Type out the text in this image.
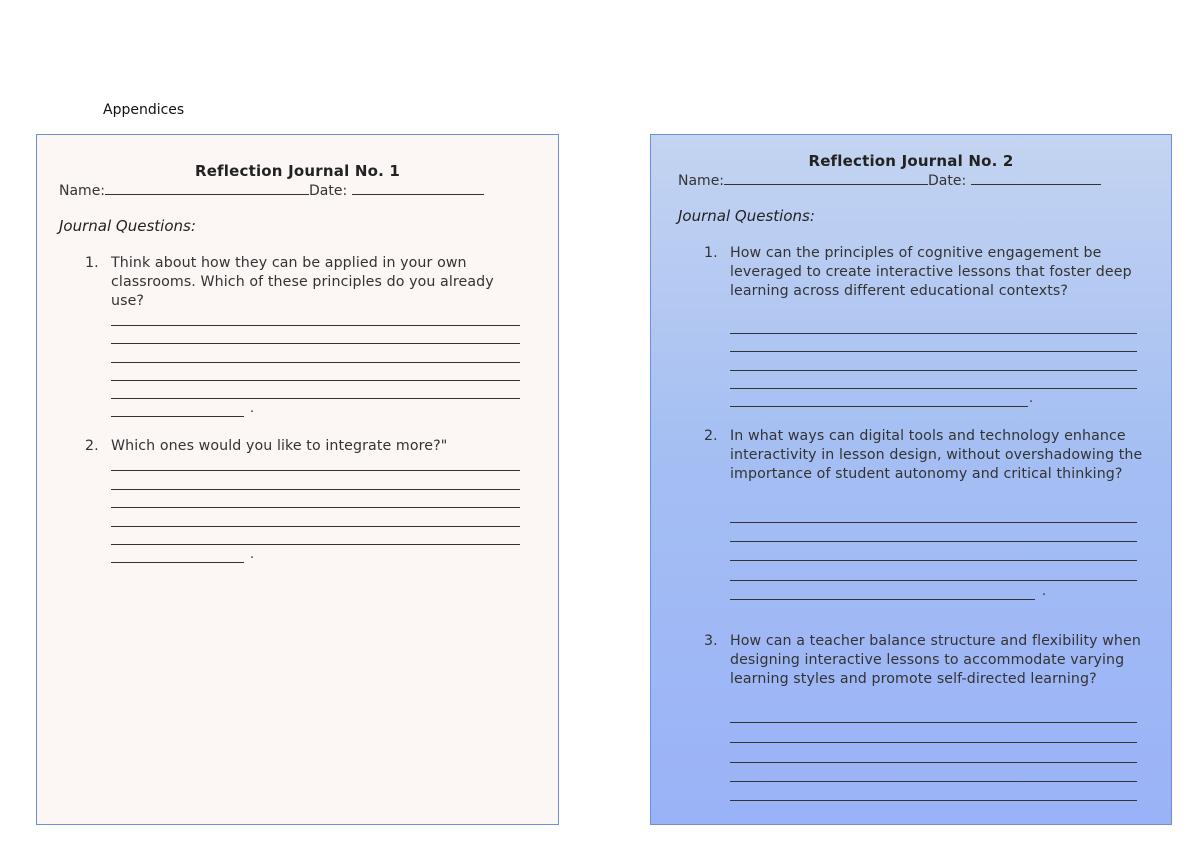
Appendices
Reflection Journal No. 1
Name:	Date:
Journal Questions:
1. Think about how they can be applied in your own classrooms. Which of these principles do you already use?
.
2. Which ones would you like to integrate more?"
.
Reflection Journal No. 2
Name:	Date:
Journal Questions:
1. How can the principles of cognitive engagement be leveraged to create interactive lessons that foster deep learning across different educational contexts?
.
2. In what ways can digital tools and technology enhance interactivity in lesson design, without overshadowing the importance of student autonomy and critical thinking?
.
3. How can a teacher balance structure and flexibility when designing interactive lessons to accommodate varying learning styles and promote self-directed learning?
